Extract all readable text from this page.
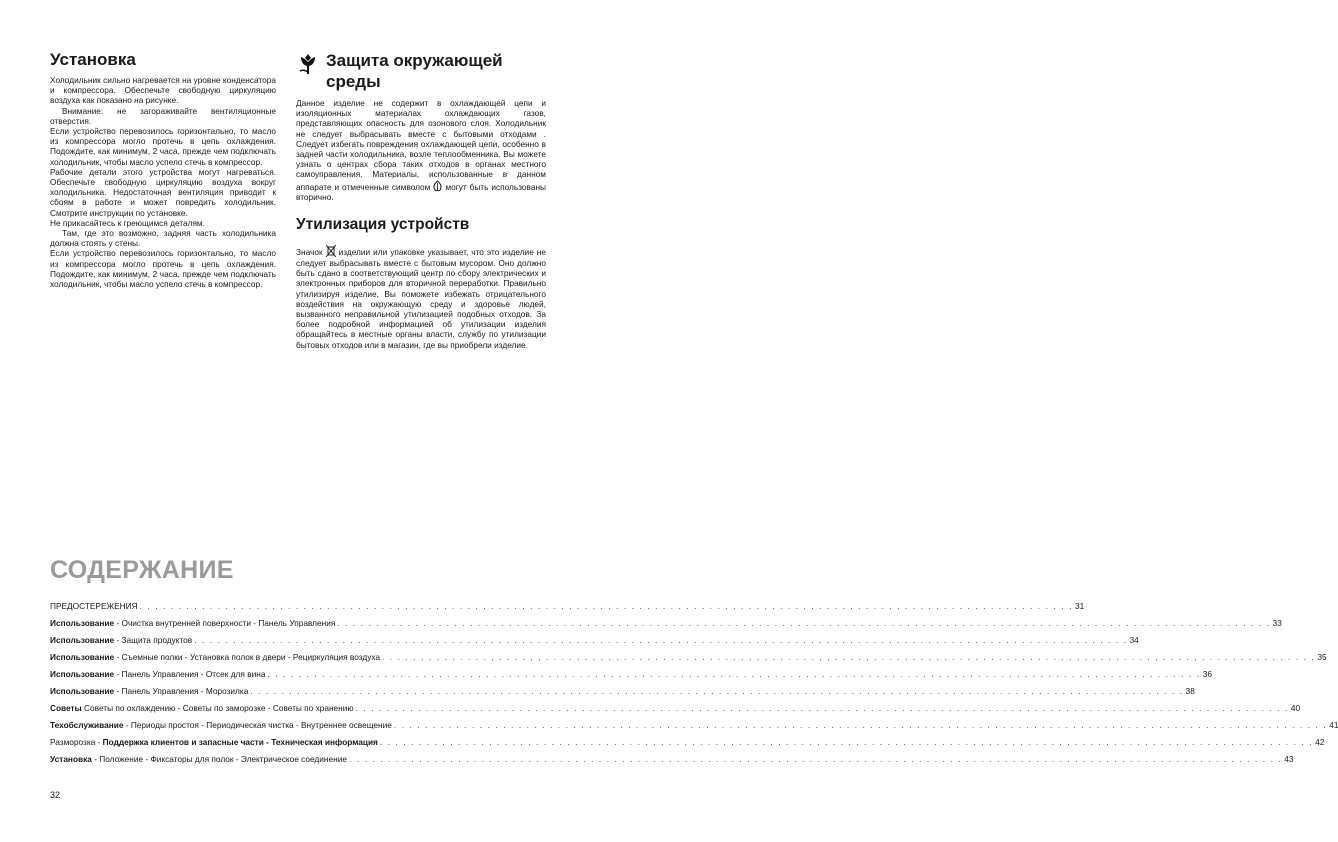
Установка

Холодильник сильно нагревается на уровне конденсатора и компрессора. Обеспечьте свободную циркуляцию воздуха как показано на рисунке.

Внимание: не загораживайте вентиляционные отверстия.

Если устройство перевозилось горизонтально, то масло из компрессора могло протечь в цепь охлаждения. Подождите, как минимум, 2 часа, прежде чем подключать холодильник, чтобы масло успело стечь в компрессор.

Рабочие детали этого устройства могут нагреваться. Обеспечьте свободную циркуляцию воздуха вокруг холодильника. Недостаточная вентиляция приводит к сбоям в работе и может повредить холодильник. Смотрите инструкции по установке.

Не прикасайтесь к греющимся деталям.

Там, где это возможно, задняя часть холодильника должна стоять у стены.

Если устройство перевозилось горизонтально, то масло из компрессора могло протечь в цепь охлаждения. Подождите, как минимум, 2 часа, прежде чем подключать холодильник, чтобы масло успело стечь в компрессор.

Защита окружающей среды

Данное изделие не содержит в охлаждающей цепи и изоляционных материалах охлаждающих газов, представляющих опасность для озонового слоя. Холодильник не следует выбрасывать вместе с бытовыми отходами . Следует избегать повреждения охлаждающей цепи, особенно в задней части холодильника, возле теплообменника. Вы можете узнать о центрах сбора таких отходов в органах местного самоуправления. Материалы, использованные в данном аппарате и отмеченные символом могут быть использованы вторично.

Утилизация устройств

Значок изделии или упаковке указывает, что это изделие не следует выбрасывать вместе с бытовым мусором. Оно должно быть сдано в соответствующий центр по сбору электрических и электронных приборов для вторичной переработки. Правильно утилизируя изделие, Вы поможете избежать отрицательного воздействия на окружающую среду и здоровье людей, вызванного неправильной утилизацией подобных отходов. За более подробной информацией об утилизации изделия обращайтесь в местные органы власти, службу по утилизации бытовых отходов или в магазин, где вы приобрели изделие.

СОДЕРЖАНИЕ
ПРЕДОСТЕРЕЖЕНИЯ . . . . . . . . . . . . . . . . . . . . . . . . . . . . . . . . . . . . . . . . . . . . . . . . . . . . . . . . . . . . . . . . . . . . . . . . . . . . . . . . . . . . . . . . . . . . . . . . . . . . . . . . . . . . . . . . . . . . . . . . 31
Использование - Очистка внутренней поверхности - Панель Управления . . . . . . . . . . . . . . . . . . . . . . . . . . . . . . . . . . . . . . . . . . . . . . . . . . . . . . . . . . . . . . . . . . . . . . . . . . . . . . . . . . . . . . . . . . . . . . . . . . . . . . . . . . . . . . . . . . . . . . . . 33
Использование - Защита продуктов . . . . . . . . . . . . . . . . . . . . . . . . . . . . . . . . . . . . . . . . . . . . . . . . . . . . . . . . . . . . . . . . . . . . . . . . . . . . . . . . . . . . . . . . . . . . . . . . . . . . . . . . . . . . . . . . . . . . . . . . 34
Использование - Съемные полки - Установка полок в двери - Рециркуляция воздуха . . . . . . . . . . . . . . . . . . . . . . . . . . . . . . . . . . . . . . . . . . . . . . . . . . . . . . . . . . . . . . . . . . . . . . . . . . . . . . . . . . . . . . . . . . . . . . . . . . . . . . . . . . . . . . . . . . . . . . . . 35
Использование - Панель Управления - Отсек для вина . . . . . . . . . . . . . . . . . . . . . . . . . . . . . . . . . . . . . . . . . . . . . . . . . . . . . . . . . . . . . . . . . . . . . . . . . . . . . . . . . . . . . . . . . . . . . . . . . . . . . . . . . . . . . . . . . . . . . . . . 36
Использование - Панель Управления - Морозилка . . . . . . . . . . . . . . . . . . . . . . . . . . . . . . . . . . . . . . . . . . . . . . . . . . . . . . . . . . . . . . . . . . . . . . . . . . . . . . . . . . . . . . . . . . . . . . . . . . . . . . . . . . . . . . . . . . . . . . . . 38
Советы Советы по охлаждению - Советы по заморозке - Советы по хранению . . . . . . . . . . . . . . . . . . . . . . . . . . . . . . . . . . . . . . . . . . . . . . . . . . . . . . . . . . . . . . . . . . . . . . . . . . . . . . . . . . . . . . . . . . . . . . . . . . . . . . . . . . . . . . . . . . . . . . . . 40
Техобслуживание - Периоды простоя - Периодическая чистка - Внутреннее освещение . . . . . . . . . . . . . . . . . . . . . . . . . . . . . . . . . . . . . . . . . . . . . . . . . . . . . . . . . . . . . . . . . . . . . . . . . . . . . . . . . . . . . . . . . . . . . . . . . . . . . . . . . . . . . . . . . . . . . . . . 41
Разморозка - Поддержка клиентов и запасные части - Техническая информация . . . . . . . . . . . . . . . . . . . . . . . . . . . . . . . . . . . . . . . . . . . . . . . . . . . . . . . . . . . . . . . . . . . . . . . . . . . . . . . . . . . . . . . . . . . . . . . . . . . . . . . . . . . . . . . . . . . . . . . . 42
Установка - Положение - Фиксаторы для полок - Электрическое соединение . . . . . . . . . . . . . . . . . . . . . . . . . . . . . . . . . . . . . . . . . . . . . . . . . . . . . . . . . . . . . . . . . . . . . . . . . . . . . . . . . . . . . . . . . . . . . . . . . . . . . . . . . . . . . . . . . . . . . . . . 43
32
